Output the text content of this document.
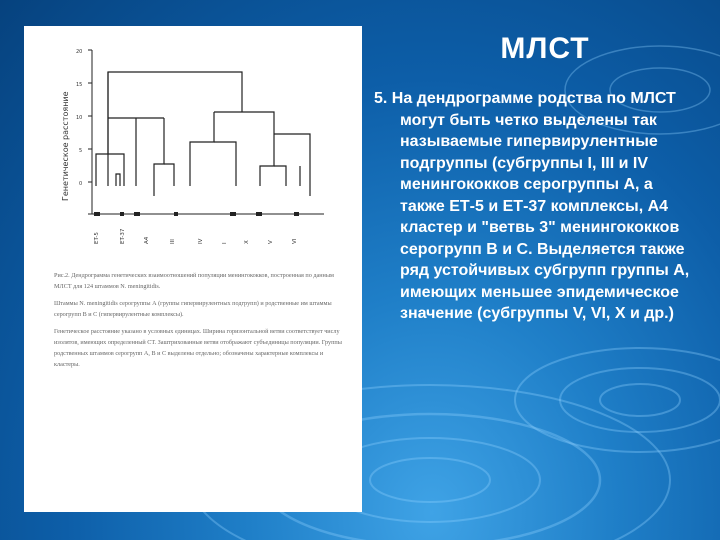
20
15
10
5
0
Генетическое расстояние
ET-5	ET-37	A4	III	IV	I	X	V	VI

Рис.2. Дендрограмма генетических взаимоотношений популяции менингококков, построенная по данным МЛСТ для 124 штаммов N. meningitidis.

Штаммы N. meningitidis серогруппы А (группы гипервирулентных подгрупп) и родственные им штаммы серогрупп В и С (гипервирулентные комплексы).

Генетическое расстояние указано в условных единицах. Ширина горизонтальной ветви соответствует числу изолятов, имеющих определенный СТ. Заштрихованные ветви отображают субъединицы популяции. Группы родственных штаммов серогрупп А, В и С выделены отдельно; обозначены характерные комплексы и кластеры.

МЛСТ
5. На дендрограмме родства по МЛСТ могут быть четко выделены так называемые гипервирулентные подгруппы (субгруппы I, III и IV менингококков серогруппы А, а также ЕТ-5 и ЕТ-37 комплексы, А4 кластер и "ветвь 3" менингококков серогрупп В и С. Выделяется также ряд устойчивых субгрупп группы А, имеющих меньшее эпидемическое значение (субгруппы V, VI, X и др.)
